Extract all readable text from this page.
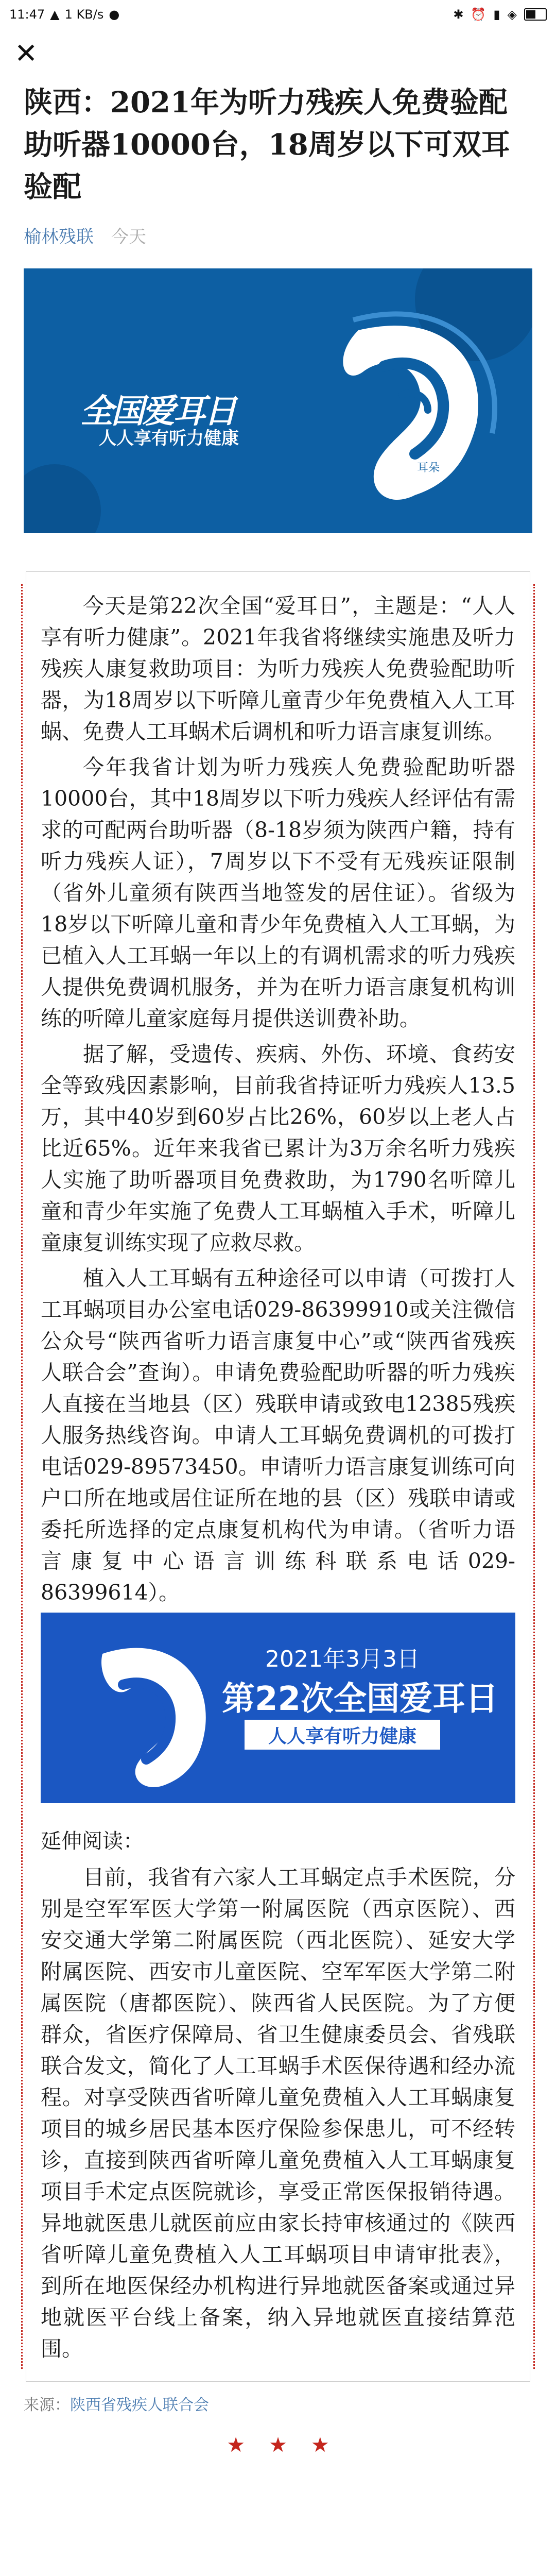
11:47 ▲ 1 KB/s ●	✱ ⏰ ▮ ◈
✕
陕西：2021年为听力残疾人免费验配助听器10000台，18周岁以下可双耳验配
榆林残联 今天
全国爱耳日
人人享有听力健康
耳朵

今天是第22次全国“爱耳日”，主题是：“人人享有听力健康”。2021年我省将继续实施患及听力残疾人康复救助项目：为听力残疾人免费验配助听器，为18周岁以下听障儿童青少年免费植入人工耳蜗、免费人工耳蜗术后调机和听力语言康复训练。

今年我省计划为听力残疾人免费验配助听器10000台，其中18周岁以下听力残疾人经评估有需求的可配两台助听器（8-18岁须为陕西户籍，持有听力残疾人证），7周岁以下不受有无残疾证限制（省外儿童须有陕西当地签发的居住证）。省级为18岁以下听障儿童和青少年免费植入人工耳蜗，为已植入人工耳蜗一年以上的有调机需求的听力残疾人提供免费调机服务，并为在听力语言康复机构训练的听障儿童家庭每月提供送训费补助。

据了解，受遗传、疾病、外伤、环境、食药安全等致残因素影响，目前我省持证听力残疾人13.5万，其中40岁到60岁占比26%，60岁以上老人占比近65%。近年来我省已累计为3万余名听力残疾人实施了助听器项目免费救助，为1790名听障儿童和青少年实施了免费人工耳蜗植入手术，听障儿童康复训练实现了应救尽救。

植入人工耳蜗有五种途径可以申请（可拨打人工耳蜗项目办公室电话029-86399910或关注微信公众号“陕西省听力语言康复中心”或“陕西省残疾人联合会”查询）。申请免费验配助听器的听力残疾人直接在当地县（区）残联申请或致电12385残疾人服务热线咨询。申请人工耳蜗免费调机的可拨打电话029-89573450。申请听力语言康复训练可向户口所在地或居住证所在地的县（区）残联申请或委托所选择的定点康复机构代为申请。（省听力语言康复中心语言训练科联系电话029-86399614）。

2021年3月3日
第22次全国爱耳日
人人享有听力健康

延伸阅读：

目前，我省有六家人工耳蜗定点手术医院，分别是空军军医大学第一附属医院（西京医院）、西安交通大学第二附属医院（西北医院）、延安大学附属医院、西安市儿童医院、空军军医大学第二附属医院（唐都医院）、陕西省人民医院。为了方便群众，省医疗保障局、省卫生健康委员会、省残联联合发文，简化了人工耳蜗手术医保待遇和经办流程。对享受陕西省听障儿童免费植入人工耳蜗康复项目的城乡居民基本医疗保险参保患儿，可不经转诊，直接到陕西省听障儿童免费植入人工耳蜗康复项目手术定点医院就诊，享受正常医保报销待遇。异地就医患儿就医前应由家长持审核通过的《陕西省听障儿童免费植入人工耳蜗项目申请审批表》，到所在地医保经办机构进行异地就医备案或通过异地就医平台线上备案，纳入异地就医直接结算范围。

来源：陕西省残疾人联合会
★ ★ ★
